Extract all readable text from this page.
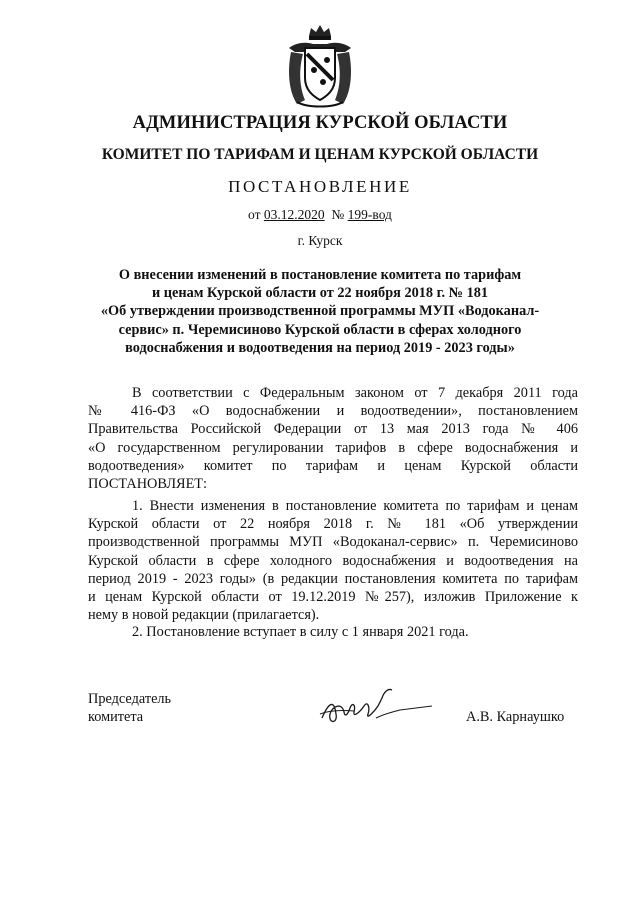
АДМИНИСТРАЦИЯ КУРСКОЙ ОБЛАСТИ
КОМИТЕТ ПО ТАРИФАМ И ЦЕНАМ КУРСКОЙ ОБЛАСТИ
ПОСТАНОВЛЕНИЕ
от 03.12.2020 № 199-вод
г. Курск
О внесении изменений в постановление комитета по тарифам
и ценам Курской области от 22 ноября 2018 г. № 181
«Об утверждении производственной программы МУП «Водоканал-
сервис» п. Черемисиново Курской области в сферах холодного
водоснабжения и водоотведения на период 2019 - 2023 годы»
В соответствии с Федеральным законом от 7 декабря 2011 года
№ 416-ФЗ «О водоснабжении и водоотведении», постановлением
Правительства Российской Федерации от 13 мая 2013 года № 406
«О государственном регулировании тарифов в сфере водоснабжения и
водоотведения» комитет по тарифам и ценам Курской области
ПОСТАНОВЛЯЕТ:
1. Внести изменения в постановление комитета по тарифам и ценам
Курской области от 22 ноября 2018 г. № 181 «Об утверждении
производственной программы МУП «Водоканал-сервис» п. Черемисиново
Курской области в сфере холодного водоснабжения и водоотведения на
период 2019 - 2023 годы» (в редакции постановления комитета по тарифам
и ценам Курской области от 19.12.2019 №257), изложив Приложение к
нему в новой редакции (прилагается).
2. Постановление вступает в силу с 1 января 2021 года.
Председатель
комитета	А.В. Карнаушко
